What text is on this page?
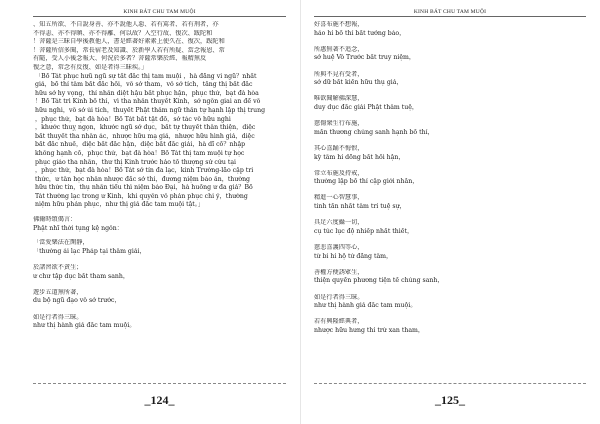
KINH BÁT CHU TAM MUỘI
、知五所欲、不自說身善、亦不說他人惡、若有罵者、若有刑者，亦
不得恚、亦不得瞋、亦不得離、何以故？入空行故、復次、跋陀和
！菩薩是三昧自學後教他人，書是經著好素素上使久在、復次，跋陀和
！菩薩所信多聞，常長宿老及知識、於新學人若有所疑、當念報恩、常
有隨，受人小後念報大、何況於多者？菩薩常樂於經、報精無反
復之意，常念有反復、如是者得三昧疾。」
「Bồ Tát phục hưũ ngũ sự tất đắc thị tam muội ，hà đẳng vi ngũ？nhất
giả，bồ thí tâm bất đắc hối，vô sở tham，vô sở tích，tăng thị bất đắc
hữu sở hy vọng，thí nhân diệt hậu bất phục hận，phục thứ，bạt đà hòa
！Bồ Tát trì Kinh bố thí，vì tha nhân thuyết Kinh，sở ngôn giai an để vô
hữu nghi，vô sở úi tích，thuyết Phật thâm ngữ thân tự hạnh lập thị trung
，phục thứ，bạt đà hòa！Bồ Tát bất tật đố，sở tác vô hữu nghi
，khước thuỵ ngọn，khước ngũ sở dục，bất tự thuyết thân thiện，diệc
bất thuyết tha nhân ác，nhược hữu mạ giả，nhược hữu hình giả，diệc
bất đắc nhuế，diệc bất đắc hận，diệc bất đắc giải，hà dĩ cố？nhập
không hạnh cố，phục thứ，bạt đà hòa！Bồ Tát thị tam muội tự học
phục giáo tha nhân，thư thị Kinh trước hảo tố thượng sử cửu tại
，phục thứ，bạt đà hòa！Bồ Tát sở tín đa lạc，kinh Trường-lão cập tri
thức，ư tân học nhân nhược đắc sở thi，đương niệm báo ân，thường
hữu thức tín，thụ nhân tiểu thì niệm báo Đại，hà huống ư đa giả？Bồ
Tát thường lạc trong ư Kinh，khi quyên vô phản phục chi ý，thường
niệm hữu phản phục，như thị giả đắc tam muội tật。」
佛爾時頌偈言：
Phật nhĩ thời tụng kệ ngôn：
「當愛樂法在閑靜，
「thường ái lạc Pháp tại thâm giải，
於諸習欲不貪生；
ư chư tập dục bất tham sanh，
遊步五道無所著，
du bộ ngũ đạo vô sở trước，
如是行者得三昧。
như thị hành giả đắc tam muội。
_124_
KINH BÁT CHU TAM MUỘI
好喜布施不想報，
hảo hỉ bố thí bất tưởng báo，
所惠無著不追念，
sở huệ Vô Trước bất truy niệm，
所與不見有受者，
sở dữ bất kiến hữu thụ giả，
唯欲聞解佛深慧，
duy dục đắc giải Phật thâm tuệ，
慈傷衆生行布施，
mẫn thương chúng sanh hạnh bố thí，
其心喜踊不悔恨，
kỳ tâm hỉ dõng bất hối hận，
常立布施及持戒，
thường lập bố thí cập giới nhẫn，
精進一心智慧事，
tinh tấn nhất tâm trí tuệ sự，
具足六度攝一切，
cụ túc lục độ nhiếp nhất thiết，
慈悲喜護四等心，
từ bi hỉ hộ tứ đẳng tâm，
善權方便誘眾生，
thiện quyền phương tiện tế chúng sanh，
如是行者得三昧。
như thị hành giả đắc tam muội。
若有興隆經典者，
nhược hữu hưng thỉ trừ xan tham，
_125_
